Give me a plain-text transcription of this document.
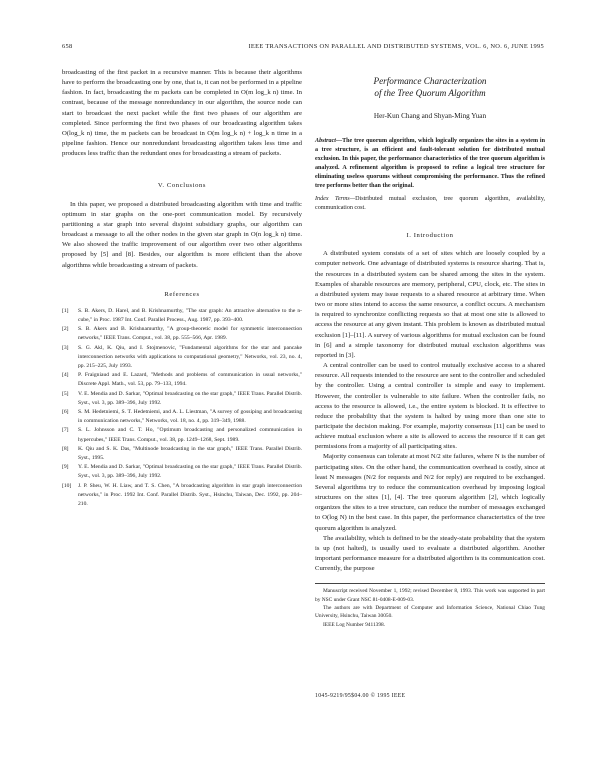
658	IEEE TRANSACTIONS ON PARALLEL AND DISTRIBUTED SYSTEMS, VOL. 6, NO. 6, JUNE 1995

broadcasting of the first packet in a recursive manner. This is because their algorithms have to perform the broadcasting one by one, that is, it can not be performed in a pipeline fashion. In fact, broadcasting the m packets can be completed in O(m log_k n) time. In contrast, because of the message nonredundancy in our algorithm, the source node can start to broadcast the next packet while the first two phases of our algorithm are completed. Since performing the first two phases of our broadcasting algorithm takes O(log_k n) time, the m packets can be broadcast in O(m log_k n) + log_k n time in a pipeline fashion. Hence our nonredundant broadcasting algorithm takes less time and produces less traffic than the redundant ones for broadcasting a stream of packets.

V. Conclusions

In this paper, we proposed a distributed broadcasting algorithm with time and traffic optimum in star graphs on the one-port communication model. By recursively partitioning a star graph into several disjoint subsidiary graphs, our algorithm can broadcast a message to all the other nodes in the given star graph in O(n log_k n) time. We also showed the traffic improvement of our algorithm over two other algorithms proposed by [5] and [8]. Besides, our algorithm is more efficient than the above algorithms while broadcasting a stream of packets.

References
[1] S. B. Akers, D. Harel, and B. Krishnamurthy, "The star graph: An attractive alternative to the n-cube," in Proc. 1987 Int. Conf. Parallel Process., Aug. 1987, pp. 393–400.
[2] S. B. Akers and B. Krishnamurthy, "A group-theoretic model for symmetric interconnection networks," IEEE Trans. Comput., vol. 38, pp. 555–566, Apr. 1989.
[3] S. G. Akl, K. Qiu, and I. Stojmenovic, "Fundamental algorithms for the star and pancake interconnection networks with applications to computational geometry," Networks, vol. 23, no. 4, pp. 215–225, July 1993.
[4] P. Fraigniaud and E. Lazard, "Methods and problems of communication in usual networks," Discrete Appl. Math., vol. 53, pp. 79–133, 1994.
[5] V. E. Mendia and D. Sarkar, "Optimal broadcasting on the star graph," IEEE Trans. Parallel Distrib. Syst., vol. 3, pp. 389–396, July 1992.
[6] S. M. Hedetniemi, S. T. Hedetniemi, and A. L. Liestman, "A survey of gossiping and broadcasting in communication networks," Networks, vol. 18, no. 4, pp. 319–349, 1988.
[7] S. L. Johnsson and C. T. Ho, "Optimum broadcasting and personalized communication in hypercubes," IEEE Trans. Comput., vol. 38, pp. 1249–1268, Sept. 1989.
[8] K. Qiu and S. K. Das, "Multinode broadcasting in the star graph," IEEE Trans. Parallel Distrib. Syst., 1995.
[9] Y. E. Mendia and D. Sarkar, "Optimal broadcasting on the star graph," IEEE Trans. Parallel Distrib. Syst., vol. 3, pp. 389–396, July 1992.
[10] J. P. Sheu, W. H. Liaw, and T. S. Chen, "A broadcasting algorithm in star graph interconnection networks," in Proc. 1992 Int. Conf. Parallel Distrib. Syst., Hsinchu, Taiwan, Dec. 1992, pp. 204–210.
Performance Characterization
of the Tree Quorum Algorithm
Her-Kun Chang and Shyan-Ming Yuan
Abstract—The tree quorum algorithm, which logically organizes the sites in a system in a tree structure, is an efficient and fault-tolerant solution for distributed mutual exclusion. In this paper, the performance characteristics of the tree quorum algorithm is analyzed. A refinement algorithm is proposed to refine a logical tree structure for eliminating useless quorums without compromising the performance. Thus the refined tree performs better than the original.
Index Terms—Distributed mutual exclusion, tree quorum algorithm, availability, communication cost.
I. Introduction

A distributed system consists of a set of sites which are loosely coupled by a computer network. One advantage of distributed systems is resource sharing. That is, the resources in a distributed system can be shared among the sites in the system. Examples of sharable resources are memory, peripheral, CPU, clock, etc. The sites in a distributed system may issue requests to a shared resource at arbitrary time. When two or more sites intend to access the same resource, a conflict occurs. A mechanism is required to synchronize conflicting requests so that at most one site is allowed to access the resource at any given instant. This problem is known as distributed mutual exclusion [1]–[11]. A survey of various algorithms for mutual exclusion can be found in [6] and a simple taxonomy for distributed mutual exclusion algorithms was reported in [3].

A central controller can be used to control mutually exclusive access to a shared resource. All requests intended to the resource are sent to the controller and scheduled by the controller. Using a central controller is simple and easy to implement. However, the controller is vulnerable to site failure. When the controller fails, no access to the resource is allowed, i.e., the entire system is blocked. It is effective to reduce the probability that the system is halted by using more than one site to participate the decision making. For example, majority consensus [11] can be used to achieve mutual exclusion where a site is allowed to access the resource if it can get permissions from a majority of all participating sites.

Majority consensus can tolerate at most N/2 site failures, where N is the number of participating sites. On the other hand, the communication overhead is costly, since at least N messages (N/2 for requests and N/2 for reply) are required to be exchanged. Several algorithms try to reduce the communication overhead by imposing logical structures on the sites [1], [4]. The tree quorum algorithm [2], which logically organizes the sites to a tree structure, can reduce the number of messages exchanged to O(log N) in the best case. In this paper, the performance characteristics of the tree quorum algorithm is analyzed.

The availability, which is defined to be the steady-state probability that the system is up (not halted), is usually used to evaluate a distributed algorithm. Another important performance measure for a distributed algorithm is its communication cost. Currently, the purpose

Manuscript received November 1, 1992; revised December 8, 1993. This work was supported in part by NSC under Grant NSC 81-0408-E-009-03.

The authors are with Department of Computer and Information Science, National Chiao Tung University, Hsinchu, Taiwan 30050.

IEEE Log Number 9411398.

1045-9219/95$04.00 © 1995 IEEE
